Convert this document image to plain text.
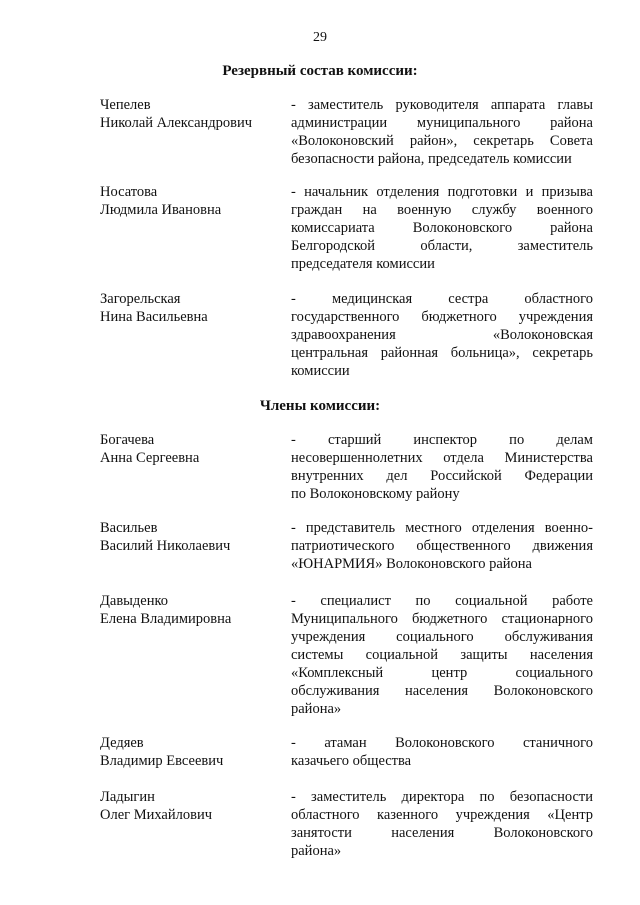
29
Резервный состав комиссии:
Чепелев
Николай Александрович
- заместитель руководителя аппарата главы
администрации муниципального района
«Волоконовский район», секретарь Совета
безопасности района, председатель комиссии
Носатова
Людмила Ивановна
- начальник отделения подготовки и призыва
граждан на военную службу военного
комиссариата Волоконовского района
Белгородской области, заместитель
председателя комиссии
Загорельская
Нина Васильевна
- медицинская сестра областного
государственного бюджетного учреждения
здравоохранения «Волоконовская
центральная районная больница», секретарь
комиссии
Члены комиссии:
Богачева
Анна Сергеевна
- старший инспектор по делам
несовершеннолетних отдела Министерства
внутренних дел Российской Федерации
по Волоконовскому району
Васильев
Василий Николаевич
- представитель местного отделения военно-
патриотического общественного движения
«ЮНАРМИЯ» Волоконовского района
Давыденко
Елена Владимировна
- специалист по социальной работе
Муниципального бюджетного стационарного
учреждения социального обслуживания
системы социальной защиты населения
«Комплексный центр социального
обслуживания населения Волоконовского
района»
Дедяев
Владимир Евсеевич
- атаман Волоконовского станичного
казачьего общества
Ладыгин
Олег Михайлович
- заместитель директора по безопасности
областного казенного учреждения «Центр
занятости населения Волоконовского
района»
